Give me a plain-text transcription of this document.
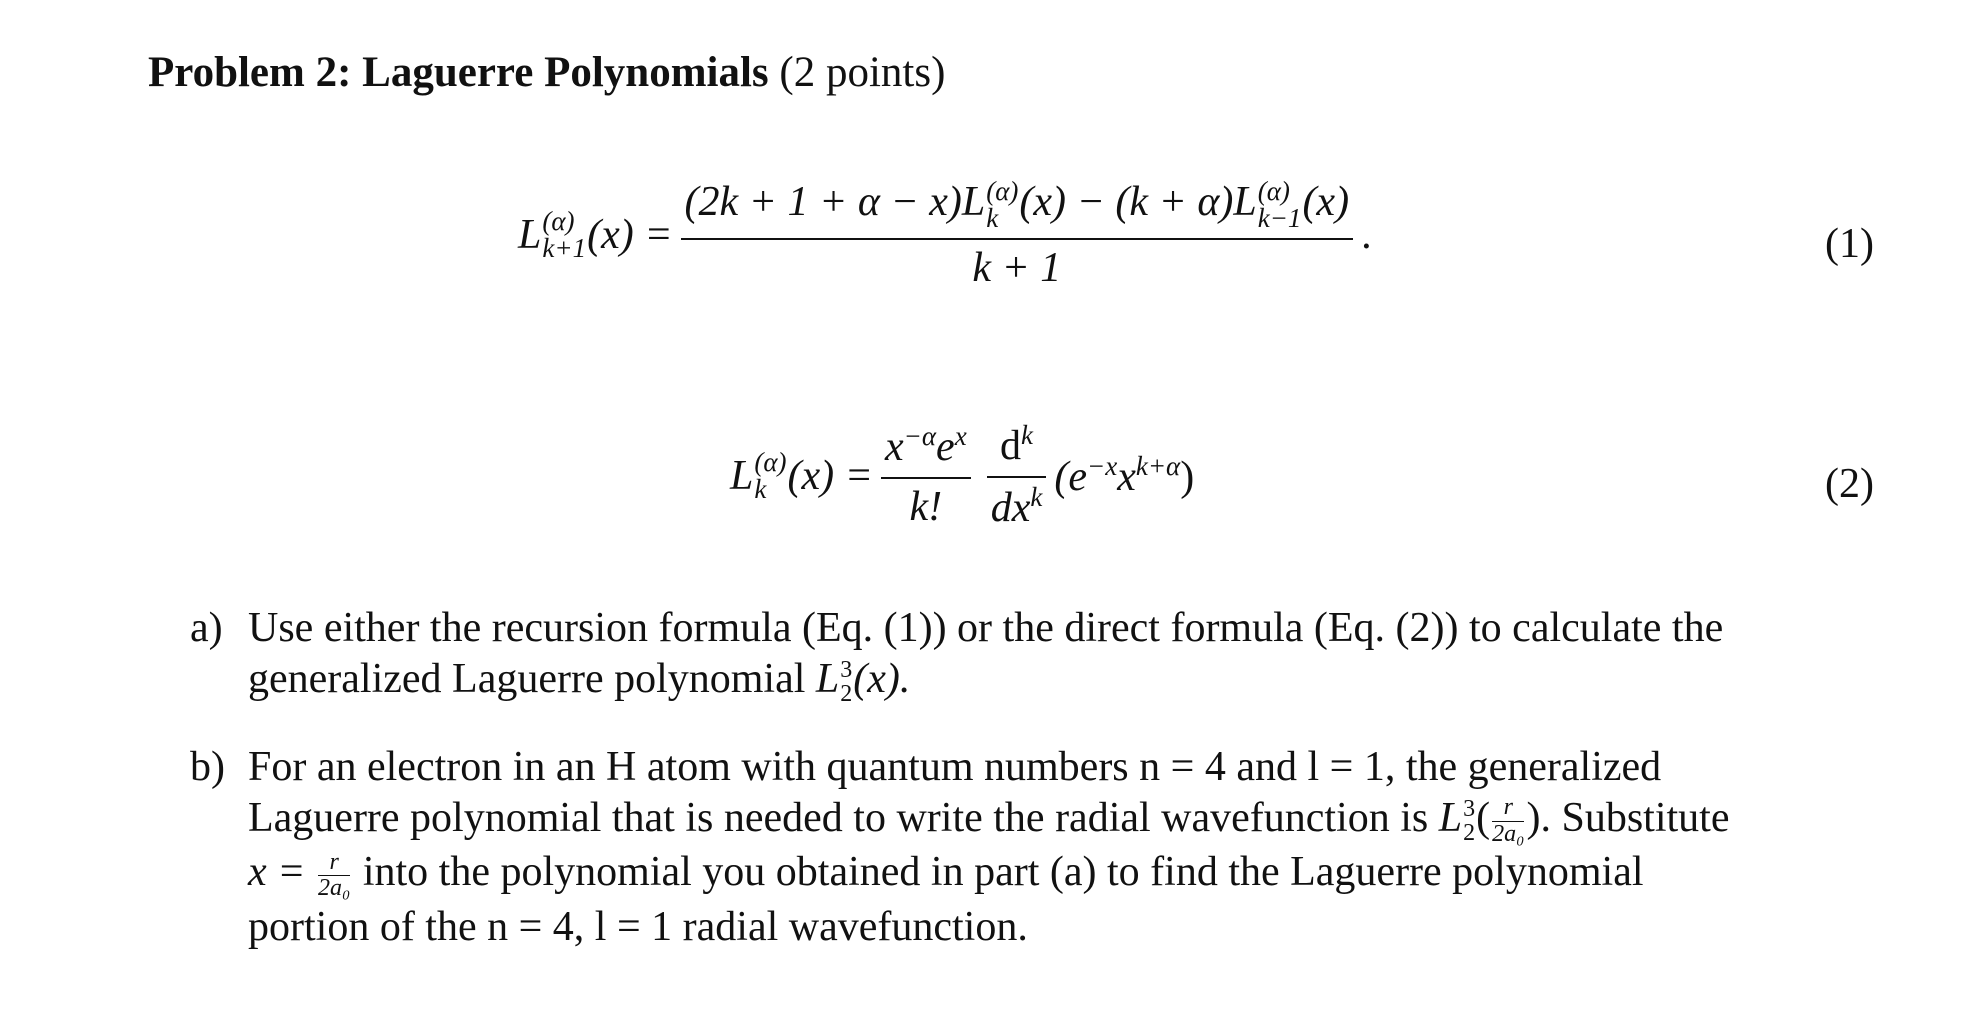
Problem 2: Laguerre Polynomials (2 points)
L (α)
k+1 (x) = (2k + 1 + α − x)L (α)
k (x) − (k + α)L (α)
k−1 (x)
k + 1 .	(1)
L (α)
k $(x) = \frac{x^{-\alpha}e^x}{k!} \frac{d^k}{dx^k} (e^{-x}x^{k+\alpha})$	(2)
a) Use either the recursion formula (Eq. (1)) or the direct formula (Eq. (2)) to calculate the
generalized Laguerre polynomial L 3
2 (x).
b) For an electron in an H atom with quantum numbers n = 4 and l = 1, the generalized
Laguerre polynomial that is needed to write the radial wavefunction is L 3
2 ( $\frac{r}{\text{2a₀}}$ ). Substitute
$x = \frac{r}{\text{2a₀}}$ into the polynomial you obtained in part (a) to find the Laguerre polynomial
portion of the n = 4, l = 1 radial wavefunction.
